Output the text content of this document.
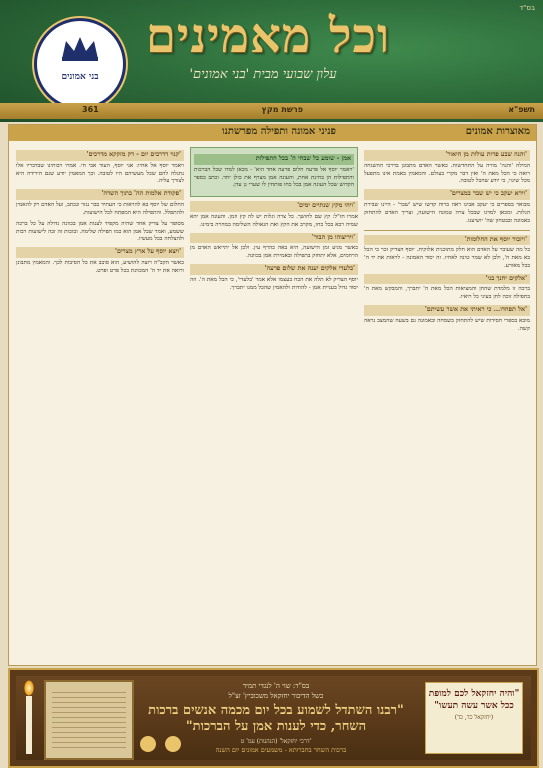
בס"ד
וכל מאמינים
עלון שבועי מבית 'בני אמונים'
בני אמונים
תשפ"א
פרשת מקץ
361
מאוצרות אמונים
פניני אמונה ותפילה מפרשתנו
'והנה שבע פרות עולות מן היאור'

המילה 'והנה' מורה על התחדשות. כאשר האדם מתבונן בדרכי ההשגחה רואה כי הכל מאת ה' ואין דבר מקרי בעולם. והמאמין באמת אינו מתפעל מכל שינוי, כי יודע שהכל לטובה.

'וירא יעקב כי יש שבר במצרים'

מבואר בספרים כי יעקב אבינו ראה ברוח קדשו שיש 'שבר' - היינו שבירת הגלות. ומכאן למדנו שבכל צרה טמונה הישועה, וצריך האדם להתחזק באמונה ובבטחון שה' יושיענו.

'ויזכור יוסף את החלומות'

כל מה שעובר על האדם הוא חלק מתוכנית אלוקית. יוסף הצדיק זכר כי הכל בא מאת ה', ולכן לא שמר טינה לאחיו. זה יסוד האמונה - לראות את יד ה' בכל מאורע.

'אלקים יחנך בני'

ברכה זו מלמדת שהחן והמציאות הכל מאת ה' יתברך, והמבקש מאת ה' בתפילה זוכה לחן בעיני כל רואיו.

'אל תפחדו... כי ראיתי את אשר עשיתם'

מובא בספרי חסידות שיש להתחזק בשמחה ובאמונה גם בשעה שהמצב נראה קשה.

אמן - שומע כל שבחי ה' בכל התפילות

'ויאמר יוסף אל פרעה חלום פרעה אחד הוא' - מכאן למדו שכל הברכות והתפילות הן בחינת אחת, והעונה אמן מצרף את כולן יחד. וכתב בספר הקדוש שכל העונה אמן בכל כחו פותחין לו שערי גן עדן.

'ויהי מקץ שנתיים ימים'

אמרו חז"ל: קץ שם לחושך. כל צרה וגלות יש לה קץ וזמן. והעונה אמן יהא שמיה רבא בכל כחו, מקרב את הקץ ואת הגאולה השלימה במהרה בימינו.

'ויריצוהו מן הבור'

כאשר מגיע זמן הישועה, היא באה כהרף עין. ולכן אל יתייאש האדם מן הרחמים, אלא יתחזק בתפילה ובאמירת אמן בכוונה.

'בלעדי אלקים יענה את שלום פרעה'

יוסף הצדיק לא תלה את הכח בעצמו אלא אמר 'בלעדי', כי הכל מאת ה'. וזה יסוד גדול בעניית אמן - להודות ולהאמין שהכל ממנו יתברך.

'קנוי דדרבים יום - דק מזקקא מדרכים'

ויאמר יוסף אל אחיו: אני יוסף, העוד אבי חי. אמרו רבותינו שבדבריו אלו נתגלה להם שכל מעשיהם היו לטובה. וכך המאמין יודע שגם הירידה היא לצורך עליה.

'פקודת אלמות הה' בתוך השדה'

החלום של יוסף בא להראות כי העתיד כבר נגזר ונכתב, ועל האדם רק להאמין ולהתפלל. והתפילה היא המפתח לכל הישועות.

מסופר על צדיק אחד שהיה מקפיד לענות אמן בכוונה גדולה על כל ברכה ששמע, ואמר שכל אמן הוא כמו תפילה שלימה. ובזכות זה זכה לישועות רבות ולהצלחה בכל מעשיו.

'ויצא יוסף על ארץ מצרים'

כאשר הקב"ה רוצה להושיע, הוא סובב את כל הסיבות לכך. והמאמין מתבונן ורואה את יד ה' המכוונת בכל פרט ופרט.

בס"ד: שוי ה' לנגדי תמיד
כשל הדיבור יחזקאל משכוביץ' זצ"ל
"רבנו השתדל לשמוע בכל יום מכמה אנשים ברכות השחר, כדי לענות אמן על הברכות"
'דרכי יחזקאל' (הנהגות) עמ' ט
"והיה יחזקאל לכם למופת ככל אשר עשה תעשו"
(יחזקאל כד, כד)
ברכות השחר בחברותא - משמעים אמונים יום השנה
